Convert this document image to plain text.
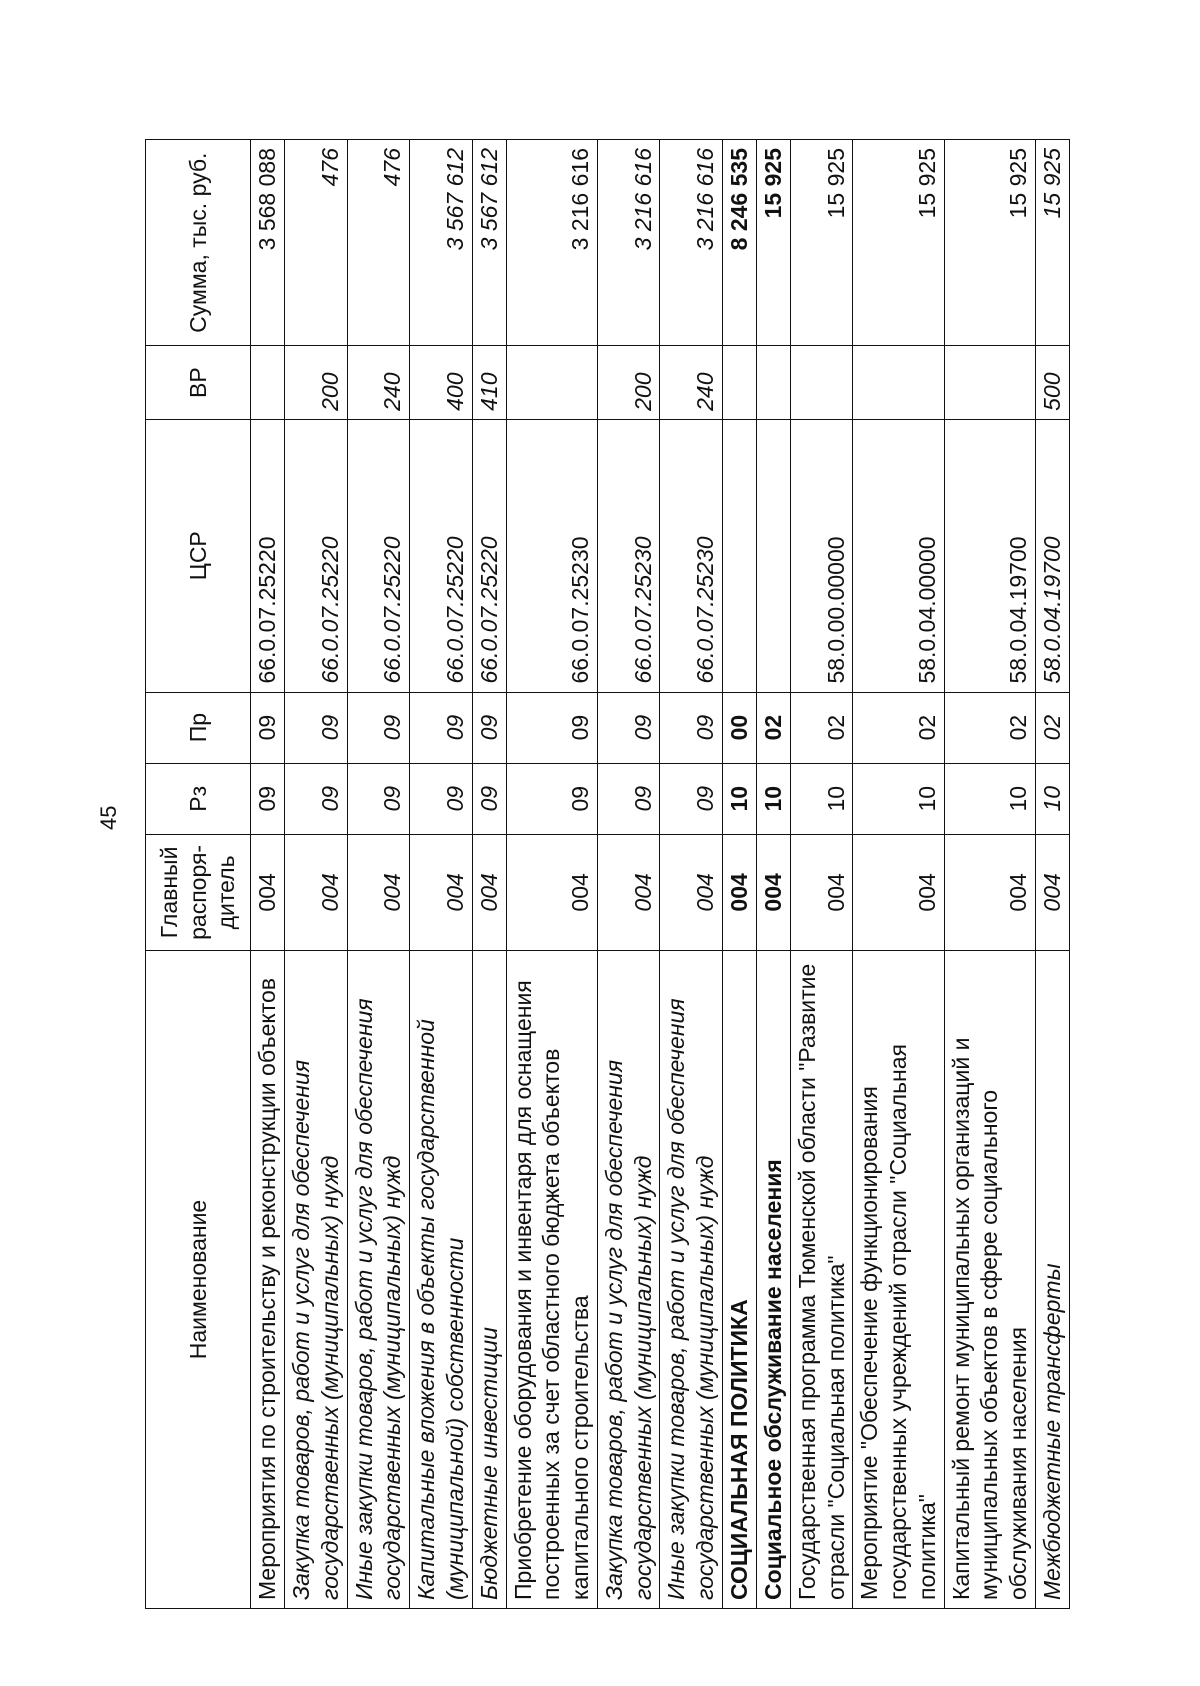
45
Наименование	Главный распоря-дитель	Рз	Пр	ЦСР	ВР	Сумма, тыс. руб.
Мероприятия по строительству и реконструкции объектов	004	09	09	66.0.07.25220		3 568 088
Закупка товаров, работ и услуг для обеспечения государственных (муниципальных) нужд	004	09	09	66.0.07.25220	200	476
Иные закупки товаров, работ и услуг для обеспечения государственных (муниципальных) нужд	004	09	09	66.0.07.25220	240	476
Капитальные вложения в объекты государственной (муниципальной) собственности	004	09	09	66.0.07.25220	400	3 567 612
Бюджетные инвестиции	004	09	09	66.0.07.25220	410	3 567 612
Приобретение оборудования и инвентаря для оснащения построенных за счет областного бюджета объектов капитального строительства	004	09	09	66.0.07.25230		3 216 616
Закупка товаров, работ и услуг для обеспечения государственных (муниципальных) нужд	004	09	09	66.0.07.25230	200	3 216 616
Иные закупки товаров, работ и услуг для обеспечения государственных (муниципальных) нужд	004	09	09	66.0.07.25230	240	3 216 616
СОЦИАЛЬНАЯ ПОЛИТИКА	004	10	00			8 246 535
Социальное обслуживание населения	004	10	02			15 925
Государственная программа Тюменской области "Развитие отрасли "Социальная политика"	004	10	02	58.0.00.00000		15 925
Мероприятие "Обеспечение функционирования государственных учреждений отрасли "Социальная политика"	004	10	02	58.0.04.00000		15 925
Капитальный ремонт муниципальных организаций и муниципальных объектов в сфере социального обслуживания населения	004	10	02	58.0.04.19700		15 925
Межбюджетные трансферты	004	10	02	58.0.04.19700	500	15 925
